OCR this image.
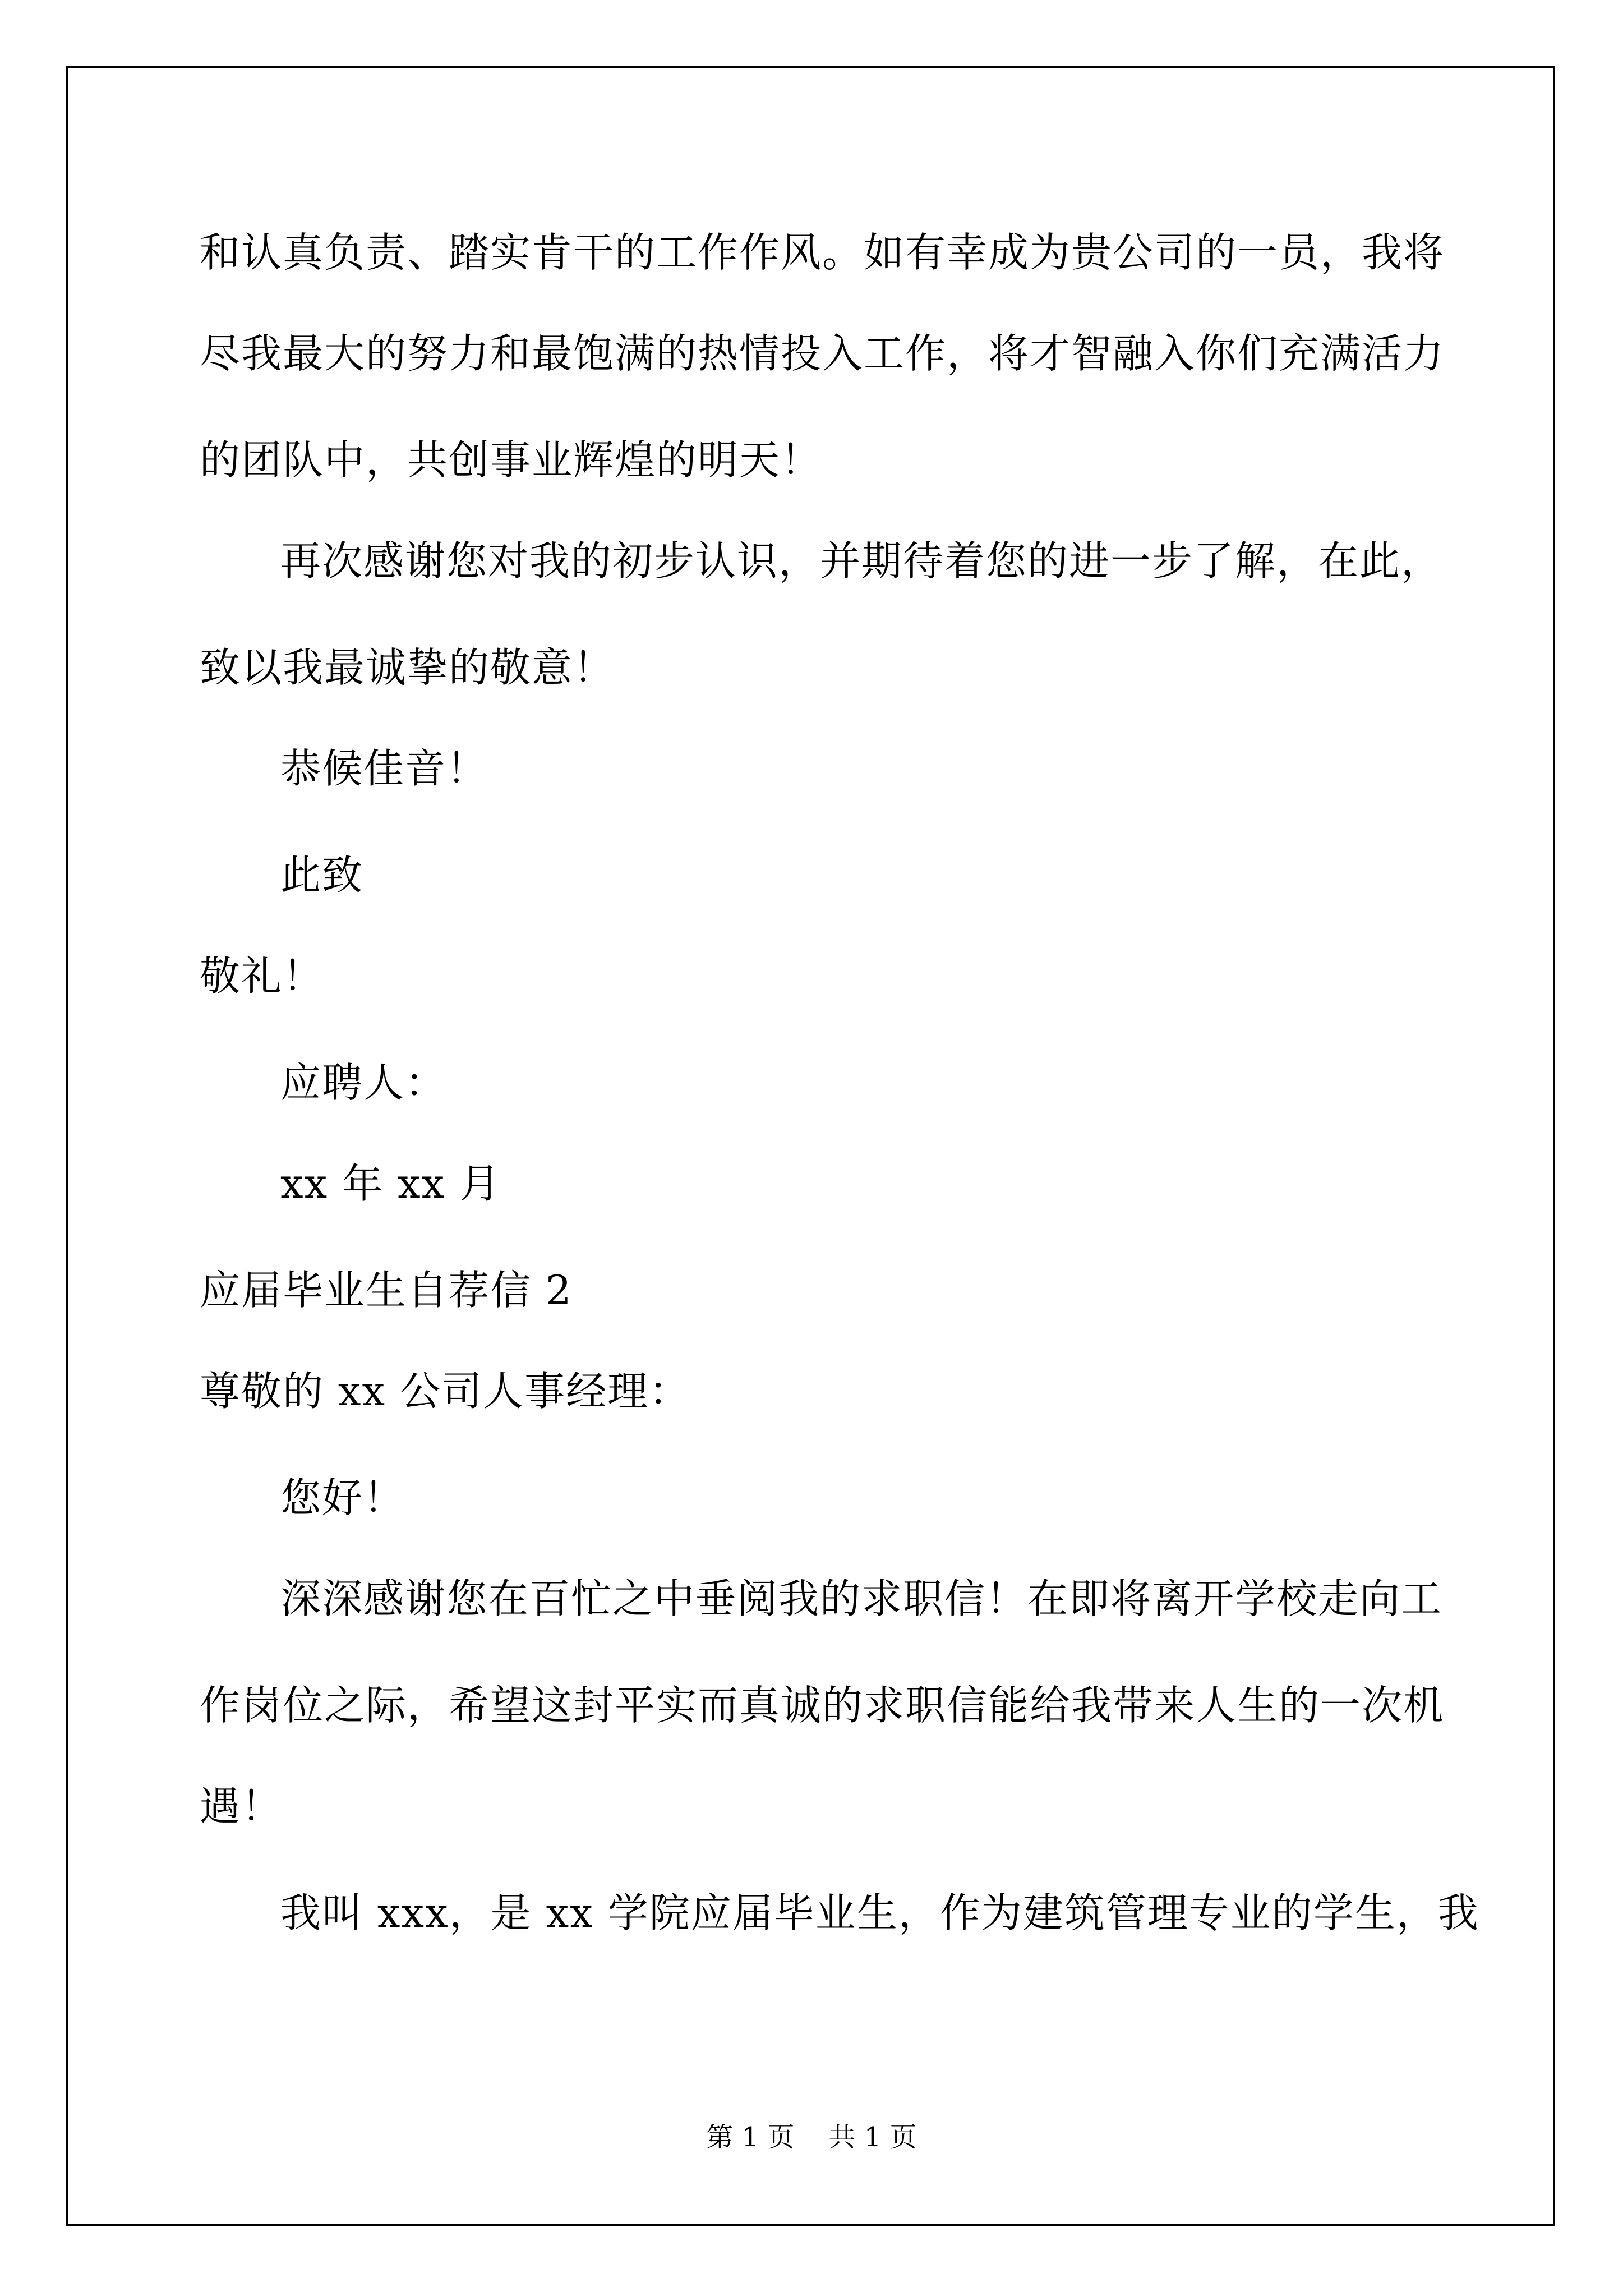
和认真负责、踏实肯干的工作作风。如有幸成为贵公司的一员，我将
尽我最大的努力和最饱满的热情投入工作，将才智融入你们充满活力
的团队中，共创事业辉煌的明天！
再次感谢您对我的初步认识，并期待着您的进一步了解，在此，
致以我最诚挚的敬意！
恭候佳音！
此致
敬礼！
应聘人：
xx 年 xx 月
应届毕业生自荐信 2
尊敬的 xx 公司人事经理：
您好！
深深感谢您在百忙之中垂阅我的求职信！在即将离开学校走向工
作岗位之际，希望这封平实而真诚的求职信能给我带来人生的一次机
遇！
我叫 xxx，是 xx 学院应届毕业生，作为建筑管理专业的学生，我
第 1 页    共 1 页
